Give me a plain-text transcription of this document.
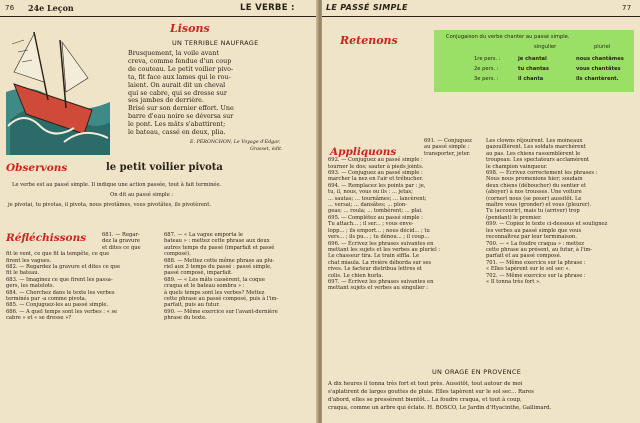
76 24e Leçon	LE VERBE :
Lisons
UN TERRIBLE NAUFRAGE
Brusquement, la voile avant
creva, comme fendue d'un coup
de couteau. Le petit voilier pivo-
ta, fit face aux lames qui le rou-
laient. On aurait dit un cheval
qui se cabre, qui se dresse sur
ses jambes de derrière.
Brisé sur son dernier effort. Une
barre d'eau noire se déversa sur
le pont. Les mâts s'abattirent;
le bateau, cassé en deux, plia.
E. PÉRONCHON, Le Voyage d'Edgar,
Grasset, édit.
Observons	le petit voilier pivota
Le verbe est au passé simple. Il indique une action passée, tout à fait terminée.
On dit au passé simple :
je pivotai, tu pivotas, il pivota, nous pivotâmes, vous pivotâtes, ils pivotèrent.
Réfléchissons	681. — Regar-
dez la gravure
et dites ce que
fit le vent, ce que fit la tempête, ce que
firent les vagues.
682. — Regardez la gravure et dites ce que
fit le bateau.
683. — Imaginez ce que firent les passa-
gers, les matelots.
684. — Cherchez dans le texte les verbes
terminés par -a comme pivota.
685. — Conjuguez-les au passé simple.
686. — A quel temps sont les verbes : « se
cabre » et « se dresse »?
687. — « La vague emporta le
bateau » : mettez cette phrase aux deux
autres temps du passé (imparfait et passé
composé).
688. — Mettez cette même phrase au plu-
riel aux 3 temps du passé : passé simple,
passé composé, imparfait.
689. — « Les mâts cassèrent, la coque
craqua et le bateau sombra » :
à quels temps sont les verbes? Mettez
cette phrase au passé composé, puis à l'im-
parfait, puis au futur.
690. — Même exercice sur l'avant-dernière
phrase du texte.
LE PASSÉ SIMPLE	77
Retenons	Conjugaison du verbe chanter au passé simple.
singulier	pluriel
1re pers. :	je chantai	nous chantâmes
2e pers. :	tu chantas	vous chantâtes
3e pers. :	il chanta	ils chantèrent.
Appliquons
691. — Conjuguez
au passé simple :
transporter, jeter.
692. — Conjuguez au passé simple :
tourner le dos; sauter à pieds joints.
693. — Conjuguez au passé simple :
marcher la nez en l'air et trébucher.
694. — Remplacez les points par : je,
tu, il, nous, vous ou ils : ... jetas;
... sautas; ... tournâmes; ... lancèrent;
... versai; ... dansâtes; ... plon-
geas; ... roula; ... tombèrent; ... plai.
695. — Complétez au passé simple :
Tu attach... ; il ser... ; vous enve-
lopp... ; ils emport... ; nous décid... ; tu
vers... ; ils pu... ; tu dénou... ; il coup...
696. — Écrivez les phrases suivantes en
mettant les sujets et les verbes au pluriel :
Le chasseur tira. Le train siffla. Le
chat miaula. La rivière déborda sur ses
rives. Le facteur distribua lettres et
colis. Le chien hurla.
697. — Écrivez les phrases suivantes en
mettant sujets et verbes au singulier :
Les clowns réjouirent. Les moineaux
gazouillèrent. Les soldats marchèrent
au pas. Les chiens rassemblèrent le
troupeau. Les spectateurs acclamèrent
le champion vainqueur.
698. — Écrivez correctement les phrases :
Nous nous promenions hier; soudain
deux chiens (déboucher) du sentier et
(aboyer) à nos trousses. Une voiture
(corner) nous (se poser) aussitôt. Le
maître vous (gronder) et vous (pleurer).
Tu (accourir), mais tu (arriver) trop
(pendant) le premier.
699. — Copiez le texte ci-dessous et soulignez
les verbes au passé simple que vous
reconnaîtrez par leur terminaison.
700. — « La foudre craqua » : mettez
cette phrase au présent, au futur, à l'im-
parfait et au passé composé.
701. — Même exercice sur la phrase :
« Elles tapèrent sur le sol sec ».
702. — Même exercice sur la phrase :
« Il tonna très fort ».
UN ORAGE EN PROVENCE
A dix heures il tonna très fort et tout près. Aussitôt, tout autour de moi
s'aplatirent de larges gouttes de pluie. Elles tapèrent sur le sol sec... Rares
d'abord, elles se pressèrent bientôt... La foudre craqua, et tout à coup,
craqua, comme un arbre qui éclate. H. BOSCO, Le Jardin d'Hyacinthe, Gallimard.
